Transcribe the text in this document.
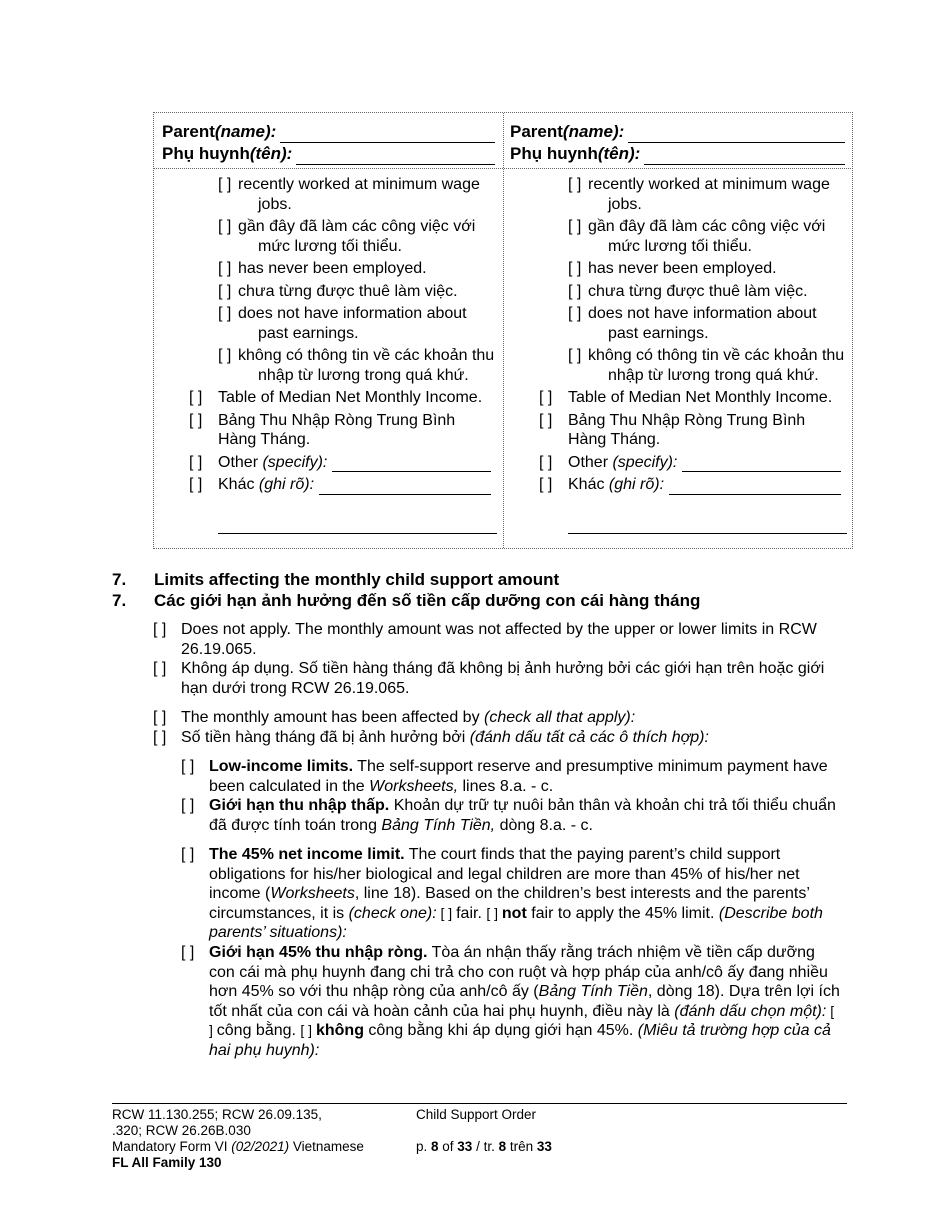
Parent (name):
Phụ huynh (tên):
[ ] recently worked at minimum wage jobs.
[ ] gần đây đã làm các công việc với mức lương tối thiểu.
[ ] has never been employed.
[ ] chưa từng được thuê làm việc.
[ ] does not have information about past earnings.
[ ] không có thông tin về các khoản thu nhập từ lương trong quá khứ.
[ ] Table of Median Net Monthly Income.
[ ] Bảng Thu Nhập Ròng Trung Bình Hàng Tháng.
[ ] Other
(specify):
[ ] Khác
(ghi rõ):
Parent (name):
Phụ huynh (tên):
[ ] recently worked at minimum wage jobs.
[ ] gần đây đã làm các công việc với mức lương tối thiểu.
[ ] has never been employed.
[ ] chưa từng được thuê làm việc.
[ ] does not have information about past earnings.
[ ] không có thông tin về các khoản thu nhập từ lương trong quá khứ.
[ ] Table of Median Net Monthly Income.
[ ] Bảng Thu Nhập Ròng Trung Bình Hàng Tháng.
[ ] Other
(specify):
[ ] Khác
(ghi rõ):
7. Limits affecting the monthly child support amount
7. Các giới hạn ảnh hưởng đến số tiền cấp dưỡng con cái hàng tháng
[ ] Does not apply. The monthly amount was not affected by the upper or lower limits in RCW 26.19.065.
[ ] Không áp dụng. Số tiền hàng tháng đã không bị ảnh hưởng bởi các giới hạn trên hoặc giới hạn dưới trong RCW 26.19.065.
[ ] The monthly amount has been affected by (check all that apply):
[ ] Số tiền hàng tháng đã bị ảnh hưởng bởi (đánh dấu tất cả các ô thích hợp):
[ ] Low-income limits. The self-support reserve and presumptive minimum payment have been calculated in the Worksheets, lines 8.a. - c.
[ ] Giới hạn thu nhập thấp. Khoản dự trữ tự nuôi bản thân và khoản chi trả tối thiểu chuẩn đã được tính toán trong Bảng Tính Tiền, dòng 8.a. - c.
[ ] The 45% net income limit. The court finds that the paying parent’s child support obligations for his/her biological and legal children are more than 45% of his/her net income (Worksheets, line 18). Based on the children’s best interests and the parents’ circumstances, it is (check one): [ ] fair. [ ] not fair to apply the 45% limit. (Describe both parents’ situations):
[ ] Giới hạn 45% thu nhập ròng. Tòa án nhận thấy rằng trách nhiệm về tiền cấp dưỡng con cái mà phụ huynh đang chi trả cho con ruột và hợp pháp của anh/cô ấy đang nhiều hơn 45% so với thu nhập ròng của anh/cô ấy (Bảng Tính Tiền, dòng 18). Dựa trên lợi ích tốt nhất của con cái và hoàn cảnh của hai phụ huynh, điều này là (đánh dấu chọn một): [ ] công bằng. [ ] không công bằng khi áp dụng giới hạn 45%. (Miêu tả trường hợp của cả hai phụ huynh):
RCW 11.130.255; RCW 26.09.135,
.320; RCW 26.26B.030
Mandatory Form VI (02/2021) Vietnamese
FL All Family 130
Child Support Order
p. 8 of 33 / tr. 8 trên 33
